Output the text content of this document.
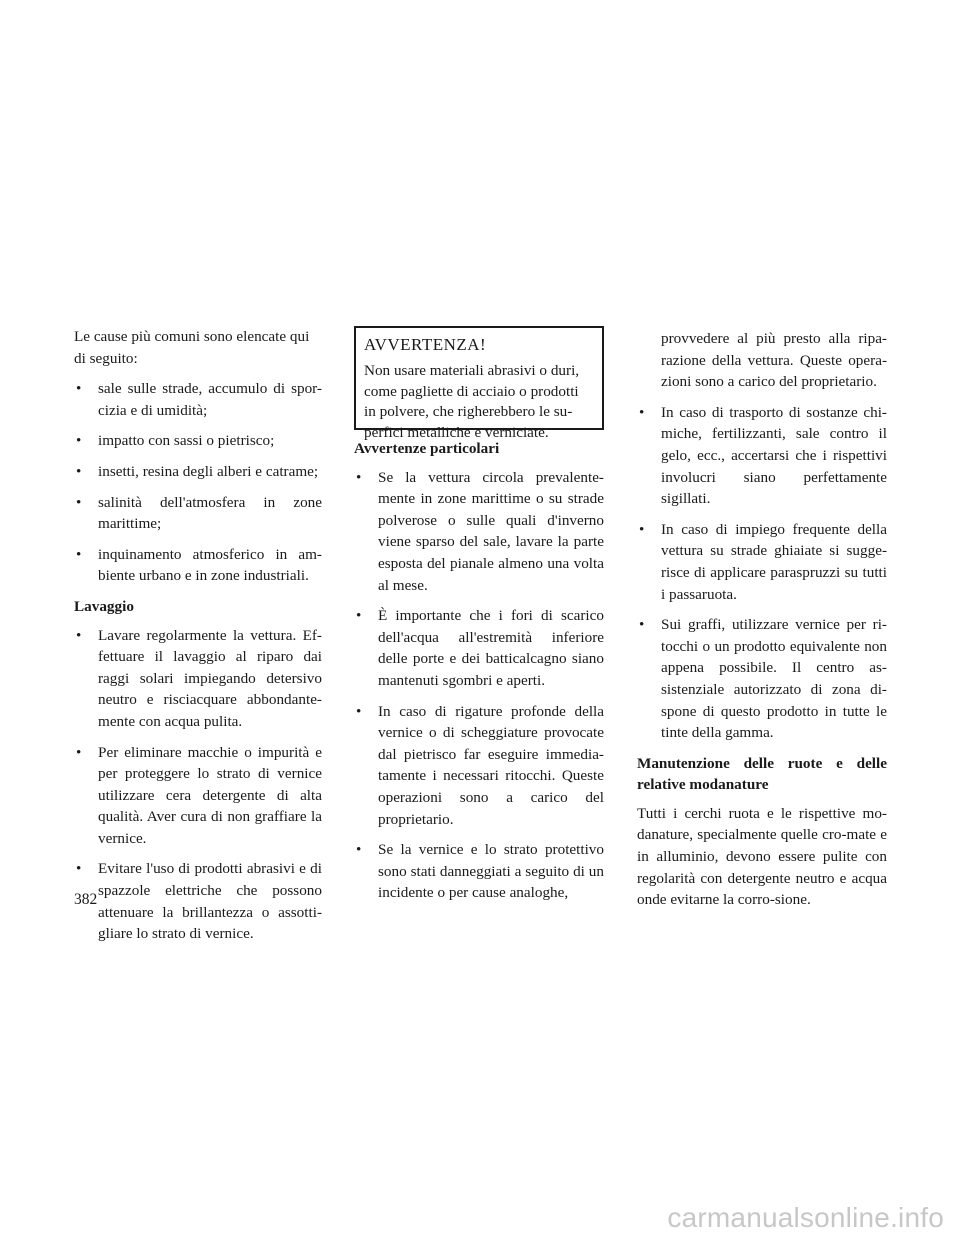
Le cause più comuni sono elencate qui di seguito:

• sale sulle strade, accumulo di spor-cizia e di umidità;
• impatto con sassi o pietrisco;
• insetti, resina degli alberi e catrame;
• salinità dell'atmosfera in zone marittime;
• inquinamento atmosferico in am-biente urbano e in zone industriali.

Lavaggio

• Lavare regolarmente la vettura. Ef-fettuare il lavaggio al riparo dai raggi solari impiegando detersivo neutro e risciacquare abbondante-mente con acqua pulita.
• Per eliminare macchie o impurità e per proteggere lo strato di vernice utilizzare cera detergente di alta qualità. Aver cura di non graffiare la vernice.
• Evitare l'uso di prodotti abrasivi e di spazzole elettriche che possono attenuare la brillantezza o assotti-gliare lo strato di vernice.
AVVERTENZA!

Non usare materiali abrasivi o duri, come pagliette di acciaio o prodotti in polvere, che righerebbero le su-perfici metalliche e verniciate.

Avvertenze particolari

• Se la vettura circola prevalente-mente in zone marittime o su strade polverose o sulle quali d'inverno viene sparso del sale, lavare la parte esposta del pianale almeno una volta al mese.
• È importante che i fori di scarico dell'acqua all'estremità inferiore delle porte e dei batticalcagno siano mantenuti sgombri e aperti.
• In caso di rigature profonde della vernice o di scheggiature provocate dal pietrisco far eseguire immedia-tamente i necessari ritocchi. Queste operazioni sono a carico del proprietario.
• Se la vernice e lo strato protettivo sono stati danneggiati a seguito di un incidente o per cause analoghe,
provvedere al più presto alla ripa-razione della vettura. Queste opera-zioni sono a carico del proprietario.
• In caso di trasporto di sostanze chi-miche, fertilizzanti, sale contro il gelo, ecc., accertarsi che i rispettivi involucri siano perfettamente sigillati.
• In caso di impiego frequente della vettura su strade ghiaiate si sugge-risce di applicare paraspruzzi su tutti i passaruota.
• Sui graffi, utilizzare vernice per ri-tocchi o un prodotto equivalente non appena possibile. Il centro as-sistenziale autorizzato di zona di-spone di questo prodotto in tutte le tinte della gamma.

Manutenzione delle ruote e delle relative modanature

Tutti i cerchi ruota e le rispettive mo-danature, specialmente quelle cro-mate e in alluminio, devono essere pulite con regolarità con detergente neutro e acqua onde evitarne la corro-sione.

382
carmanualsonline.info
